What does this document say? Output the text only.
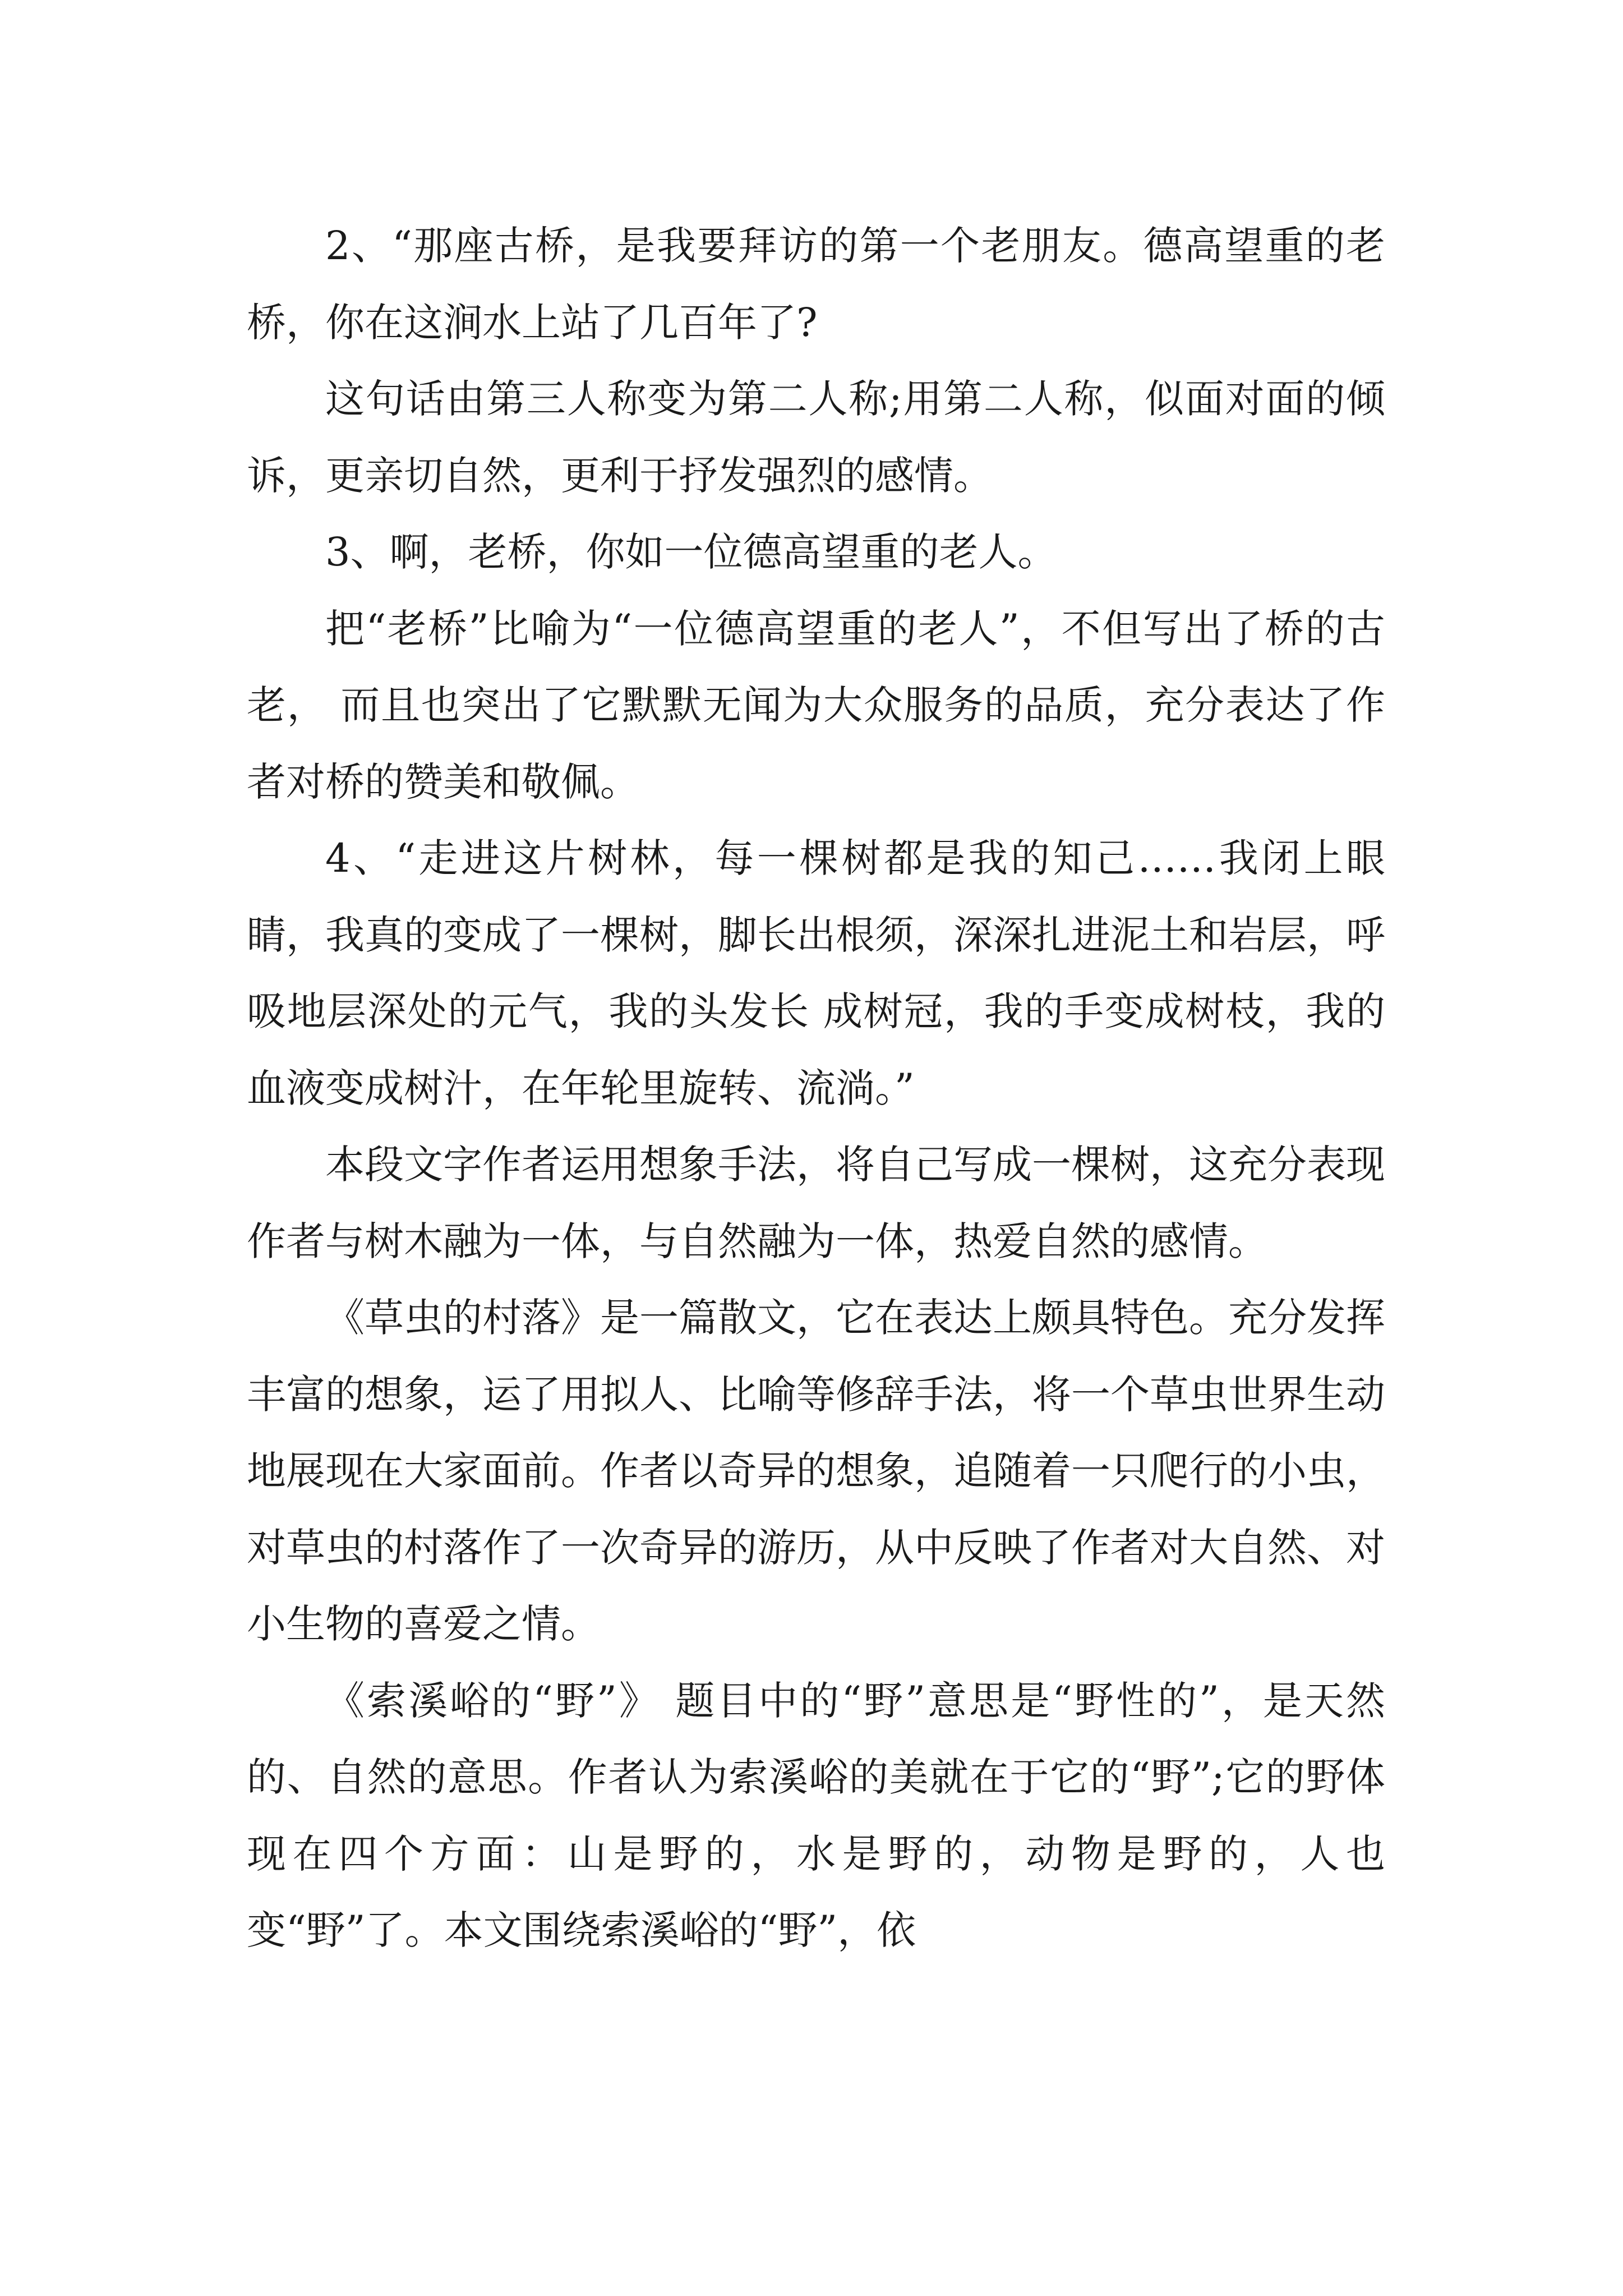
2、“那座古桥，是我要拜访的第一个老朋友。德高望重的老桥，你在这涧水上站了几百年了?

这句话由第三人称变为第二人称;用第二人称，似面对面的倾诉，更亲切自然，更利于抒发强烈的感情。

3、啊，老桥，你如一位德高望重的老人。

把“老桥”比喻为“一位德高望重的老人”，不但写出了桥的古老， 而且也突出了它默默无闻为大众服务的品质，充分表达了作者对桥的赞美和敬佩。

4、“走进这片树林，每一棵树都是我的知己……我闭上眼睛，我真的变成了一棵树，脚长出根须，深深扎进泥土和岩层，呼吸地层深处的元气，我的头发长 成树冠，我的手变成树枝，我的血液变成树汁，在年轮里旋转、流淌。”

本段文字作者运用想象手法，将自己写成一棵树，这充分表现作者与树木融为一体，与自然融为一体，热爱自然的感情。

《草虫的村落》是一篇散文，它在表达上颇具特色。充分发挥丰富的想象，运了用拟人、比喻等修辞手法，将一个草虫世界生动地展现在大家面前。作者以奇异的想象，追随着一只爬行的小虫，对草虫的村落作了一次奇异的游历，从中反映了作者对大自然、对小生物的喜爱之情。

《索溪峪的“野”》 题目中的“野”意思是“野性的”，是天然的、自然的意思。作者认为索溪峪的美就在于它的“野”;它的野体现在四个方面：山是野的，水是野的，动物是野的，人也变“野”了。本文围绕索溪峪的“野”，依
